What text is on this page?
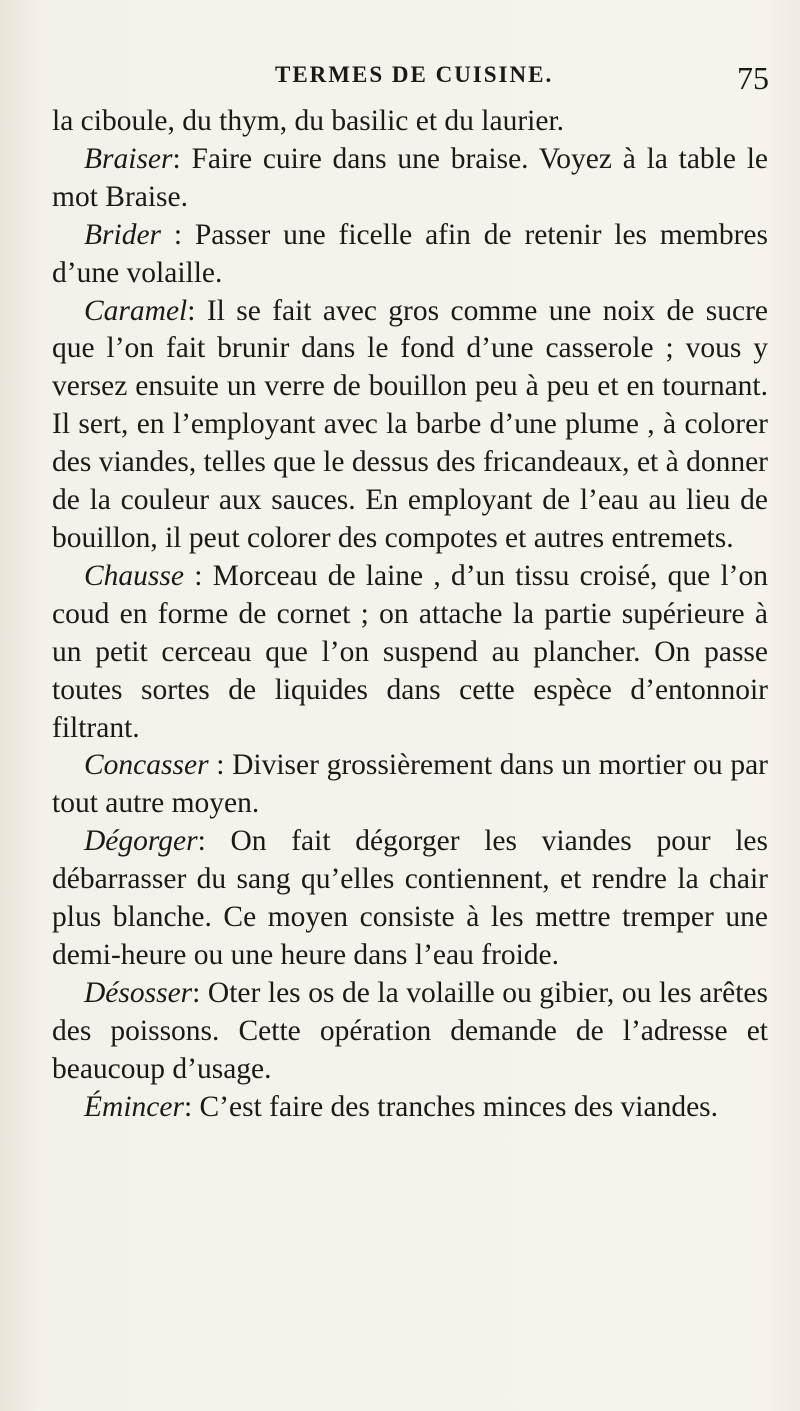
TERMES DE CUISINE.	75

la ciboule, du thym, du basilic et du laurier.

Braiser: Faire cuire dans une braise. Voyez à la table le mot Braise.

Brider : Passer une ficelle afin de retenir les membres d’une volaille.

Caramel: Il se fait avec gros comme une noix de sucre que l’on fait brunir dans le fond d’une casserole ; vous y versez ensuite un verre de bouillon peu à peu et en tournant. Il sert, en l’employant avec la barbe d’une plume , à colorer des viandes, telles que le dessus des fricandeaux, et à donner de la couleur aux sauces. En employant de l’eau au lieu de bouillon, il peut colorer des compotes et autres entremets.

Chausse : Morceau de laine , d’un tissu croisé, que l’on coud en forme de cornet ; on attache la partie supérieure à un petit cerceau que l’on suspend au plancher. On passe toutes sortes de liquides dans cette espèce d’entonnoir filtrant.

Concasser : Diviser grossièrement dans un mortier ou par tout autre moyen.

Dégorger: On fait dégorger les viandes pour les débarrasser du sang qu’elles contiennent, et rendre la chair plus blanche. Ce moyen consiste à les mettre tremper une demi-heure ou une heure dans l’eau froide.

Désosser: Oter les os de la volaille ou gibier, ou les arêtes des poissons. Cette opération demande de l’adresse et beaucoup d’usage.

Émincer: C’est faire des tranches minces des viandes.
